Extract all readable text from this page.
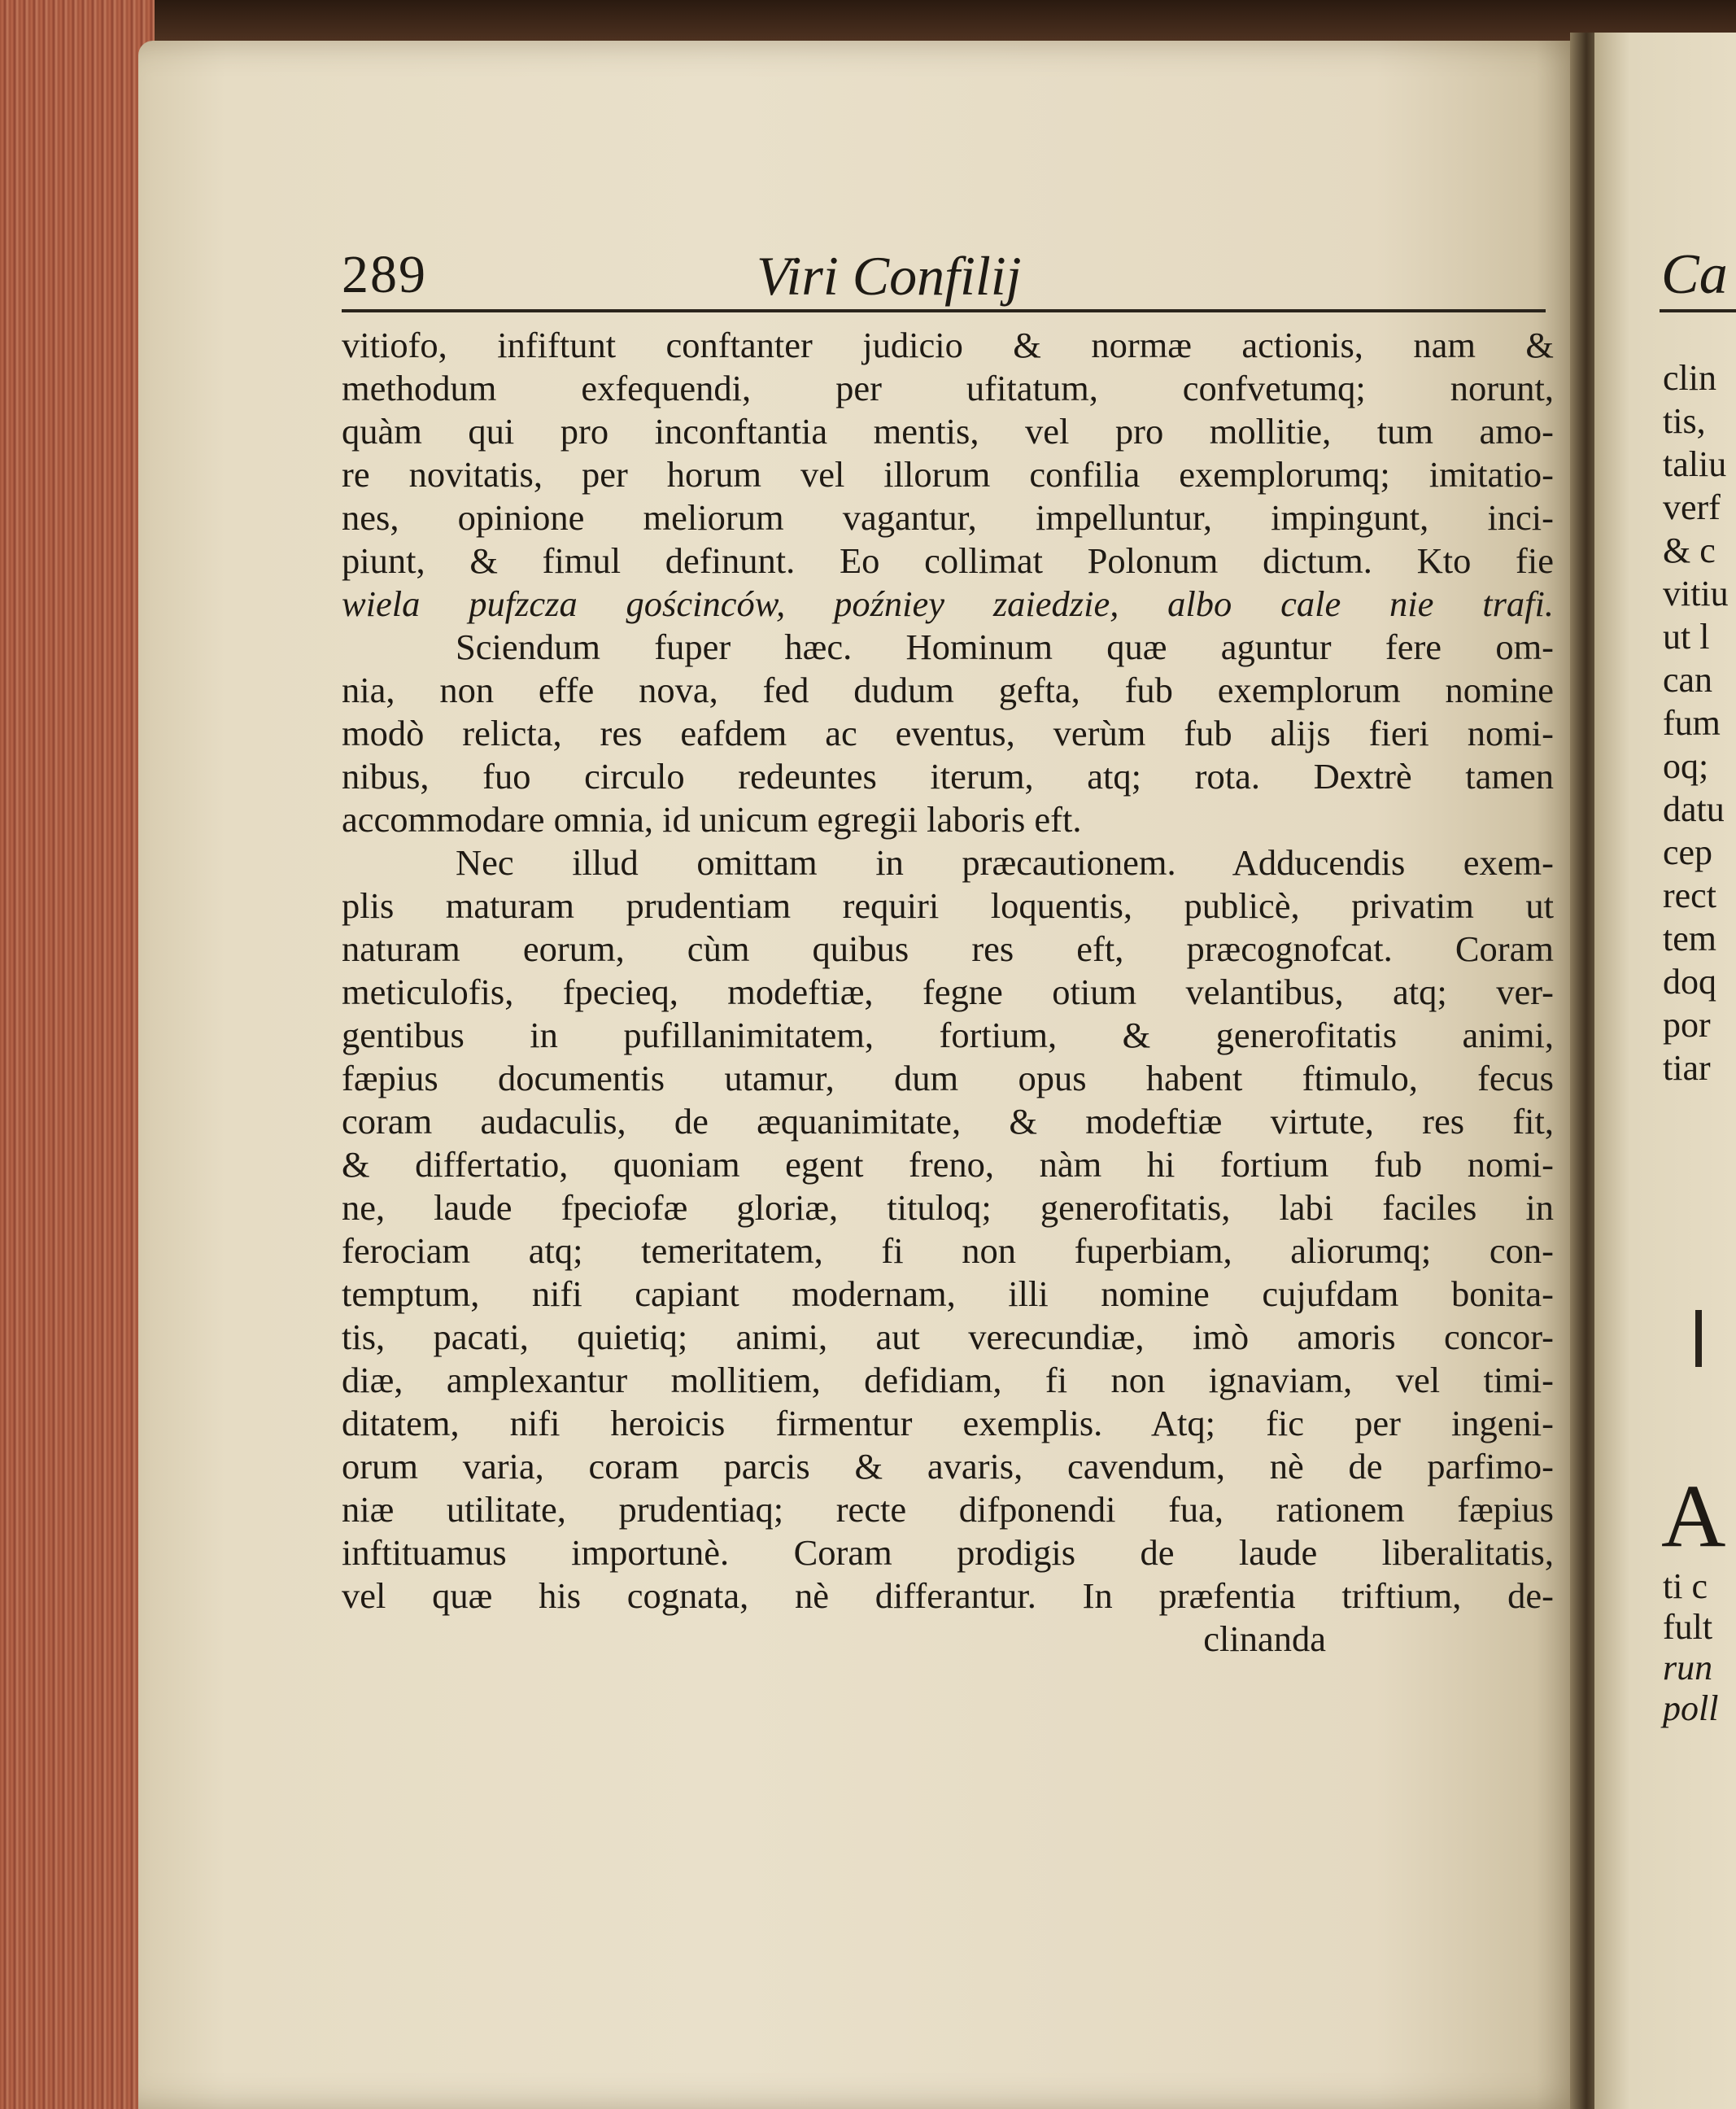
289	Viri Confilij
vitiofo, infiftunt conftanter judicio & normæ actionis, nam &
methodum exfequendi, per ufitatum, confvetumq; norunt,
quàm qui pro inconftantia mentis, vel pro mollitie, tum amo-
re novitatis, per horum vel illorum confilia exemplorumq; imitatio-
nes, opinione meliorum vagantur, impelluntur, impingunt, inci-
piunt, & fimul definunt. Eo collimat Polonum dictum. Kto fie
wiela pufzcza gościnców, poźniey zaiedzie, albo cale nie trafi.
Sciendum fuper hæc. Hominum quæ aguntur fere om-
nia, non effe nova, fed dudum gefta, fub exemplorum nomine
modò relicta, res eafdem ac eventus, verùm fub alijs fieri nomi-
nibus, fuo circulo redeuntes iterum, atq; rota. Dextrè tamen
accommodare omnia, id unicum egregii laboris eft.
Nec illud omittam in præcautionem. Adducendis exem-
plis maturam prudentiam requiri loquentis, publicè, privatim ut
naturam eorum, cùm quibus res eft, præcognofcat. Coram
meticulofis, fpecieq, modeftiæ, fegne otium velantibus, atq; ver-
gentibus in pufillanimitatem, fortium, & generofitatis animi,
fæpius documentis utamur, dum opus habent ftimulo, fecus
coram audaculis, de æquanimitate, & modeftiæ virtute, res fit,
& differtatio, quoniam egent freno, nàm hi fortium fub nomi-
ne, laude fpeciofæ gloriæ, tituloq; generofitatis, labi faciles in
ferociam atq; temeritatem, fi non fuperbiam, aliorumq; con-
temptum, nifi capiant modernam, illi nomine cujufdam bonita-
tis, pacati, quietiq; animi, aut verecundiæ, imò amoris concor-
diæ, amplexantur mollitiem, defidiam, fi non ignaviam, vel timi-
ditatem, nifi heroicis firmentur exemplis. Atq; fic per ingeni-
orum varia, coram parcis & avaris, cavendum, nè de parfimo-
niæ utilitate, prudentiaq; recte difponendi fua, rationem fæpius
inftituamus importunè. Coram prodigis de laude liberalitatis,
vel quæ his cognata, nè differantur. In præfentia triftium, de-
clinanda
Ca
clin
tis,
taliu
verf
& c
vitiu
ut l
can
fum
oq;
datu
cep
rect
tem
doq
por
tiar
A
ti c
fult
run
poll
